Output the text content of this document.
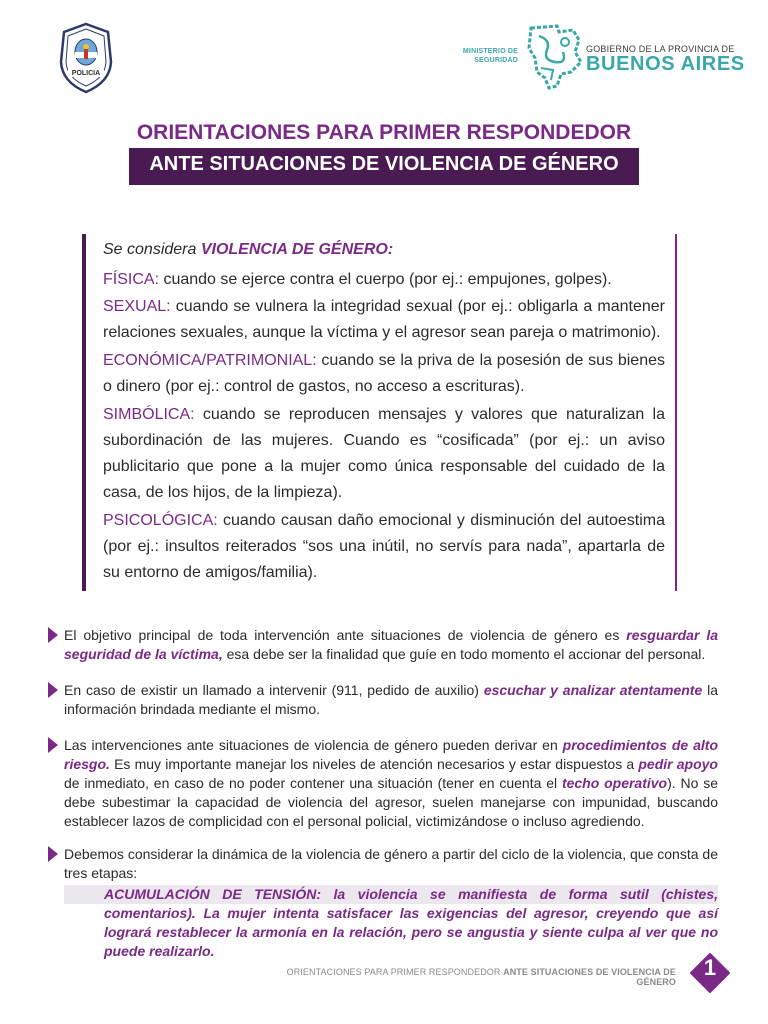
POLICIA
MINISTERIO DE
SEGURIDAD
GOBIERNO DE LA PROVINCIA DE
BUENOS AIRES
ORIENTACIONES PARA PRIMER RESPONDEDOR
ANTE SITUACIONES DE VIOLENCIA DE GÉNERO
Se considera VIOLENCIA DE GÉNERO:
FÍSICA: cuando se ejerce contra el cuerpo (por ej.: empujones, golpes).
SEXUAL: cuando se vulnera la integridad sexual (por ej.: obligarla a mantener relaciones sexuales, aunque la víctima y el agresor sean pareja o matrimonio).
ECONÓMICA/PATRIMONIAL: cuando se la priva de la posesión de sus bienes o dinero (por ej.: control de gastos, no acceso a escrituras).
SIMBÓLICA: cuando se reproducen mensajes y valores que naturalizan la subordinación de las mujeres. Cuando es “cosificada” (por ej.: un aviso publicitario que pone a la mujer como única responsable del cuidado de la casa, de los hijos, de la limpieza).
PSICOLÓGICA: cuando causan daño emocional y disminución del autoestima (por ej.: insultos reiterados “sos una inútil, no servís para nada”, apartarla de su entorno de amigos/familia).
El objetivo principal de toda intervención ante situaciones de violencia de género es resguardar la seguridad de la víctima, esa debe ser la finalidad que guíe en todo momento el accionar del personal.
En caso de existir un llamado a intervenir (911, pedido de auxilio) escuchar y analizar atentamente la información brindada mediante el mismo.
Las intervenciones ante situaciones de violencia de género pueden derivar en procedimientos de alto riesgo. Es muy importante manejar los niveles de atención necesarios y estar dispuestos a pedir apoyo de inmediato, en caso de no poder contener una situación (tener en cuenta el techo operativo). No se debe subestimar la capacidad de violencia del agresor, suelen manejarse con impunidad, buscando establecer lazos de complicidad con el personal policial, victimizándose o incluso agrediendo.
Debemos considerar la dinámica de la violencia de género a partir del ciclo de la violencia, que consta de tres etapas:
ACUMULACIÓN DE TENSIÓN: la violencia se manifiesta de forma sutil (chistes, comentarios). La mujer intenta satisfacer las exigencias del agresor, creyendo que así logrará restablecer la armonía en la relación, pero se angustia y siente culpa al ver que no puede realizarlo.
ORIENTACIONES PARA PRIMER RESPONDEDOR ANTE SITUACIONES DE VIOLENCIA DE GÉNERO
1
